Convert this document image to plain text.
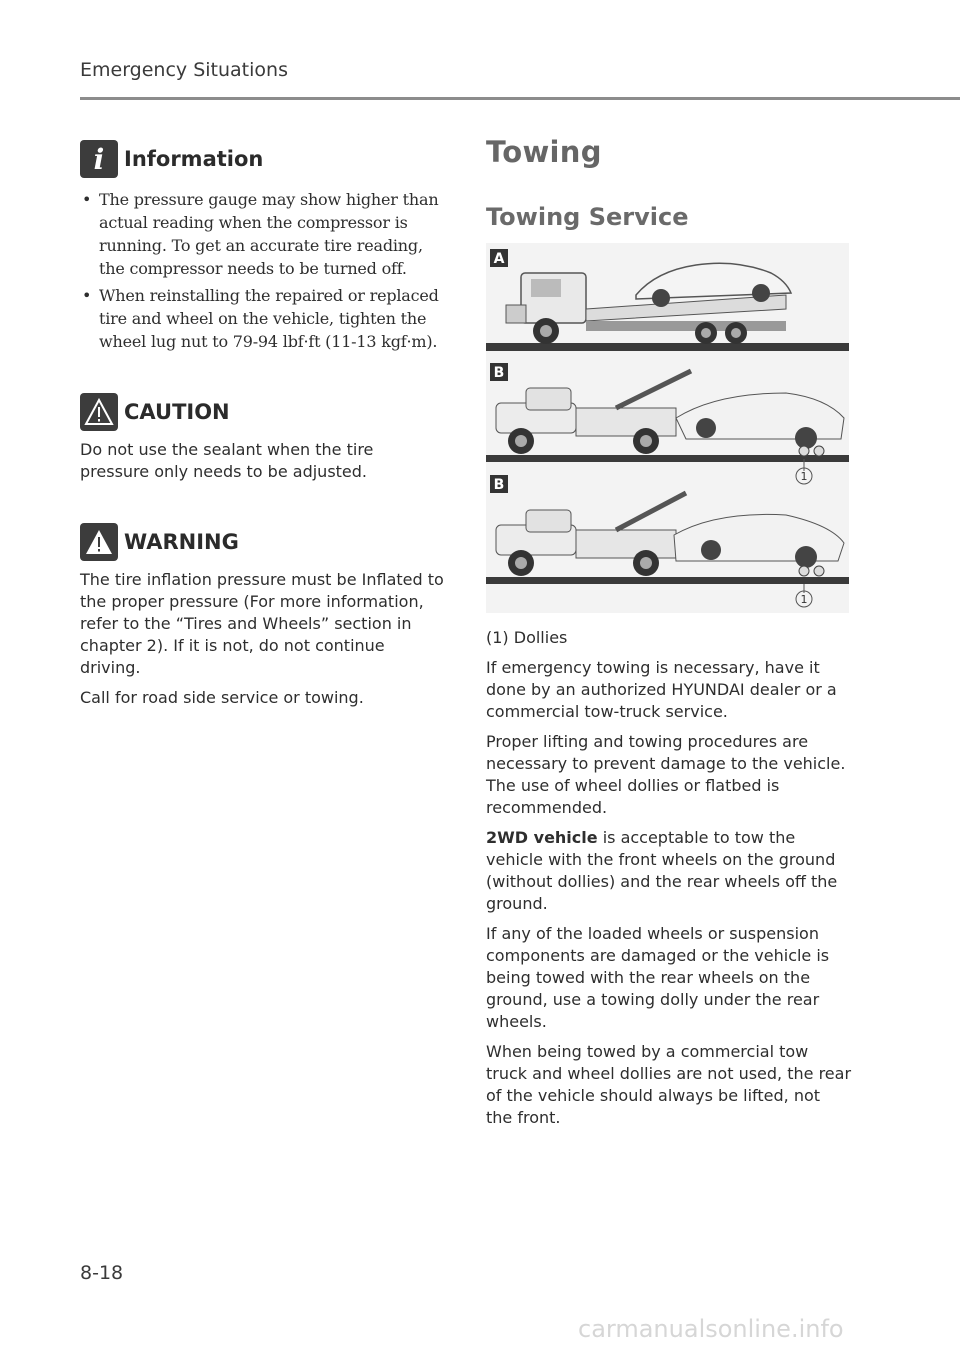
Emergency Situations
i Information
• The pressure gauge may show higher than actual reading when the compressor is running. To get an accurate tire reading, the compressor needs to be turned off.
• When reinstalling the repaired or replaced tire and wheel on the vehicle, tighten the wheel lug nut to 79-94 lbf·ft (11-13 kgf·m).
CAUTION

Do not use the sealant when the tire pressure only needs to be adjusted.

WARNING

The tire inflation pressure must be Inflated to the proper pressure (For more information, refer to the “Tires and Wheels” section in chapter 2). If it is not, do not continue driving.

Call for road side service or towing.

Towing
Towing Service
A
B
1
B
1

(1) Dollies

If emergency towing is necessary, have it done by an authorized HYUNDAI dealer or a commercial tow-truck service.

Proper lifting and towing procedures are necessary to prevent damage to the vehicle. The use of wheel dollies or flatbed is recommended.

2WD vehicle is acceptable to tow the vehicle with the front wheels on the ground (without dollies) and the rear wheels off the ground.

If any of the loaded wheels or suspension components are damaged or the vehicle is being towed with the rear wheels on the ground, use a towing dolly under the rear wheels.

When being towed by a commercial tow truck and wheel dollies are not used, the rear of the vehicle should always be lifted, not the front.

8-18
carmanualsonline.info
